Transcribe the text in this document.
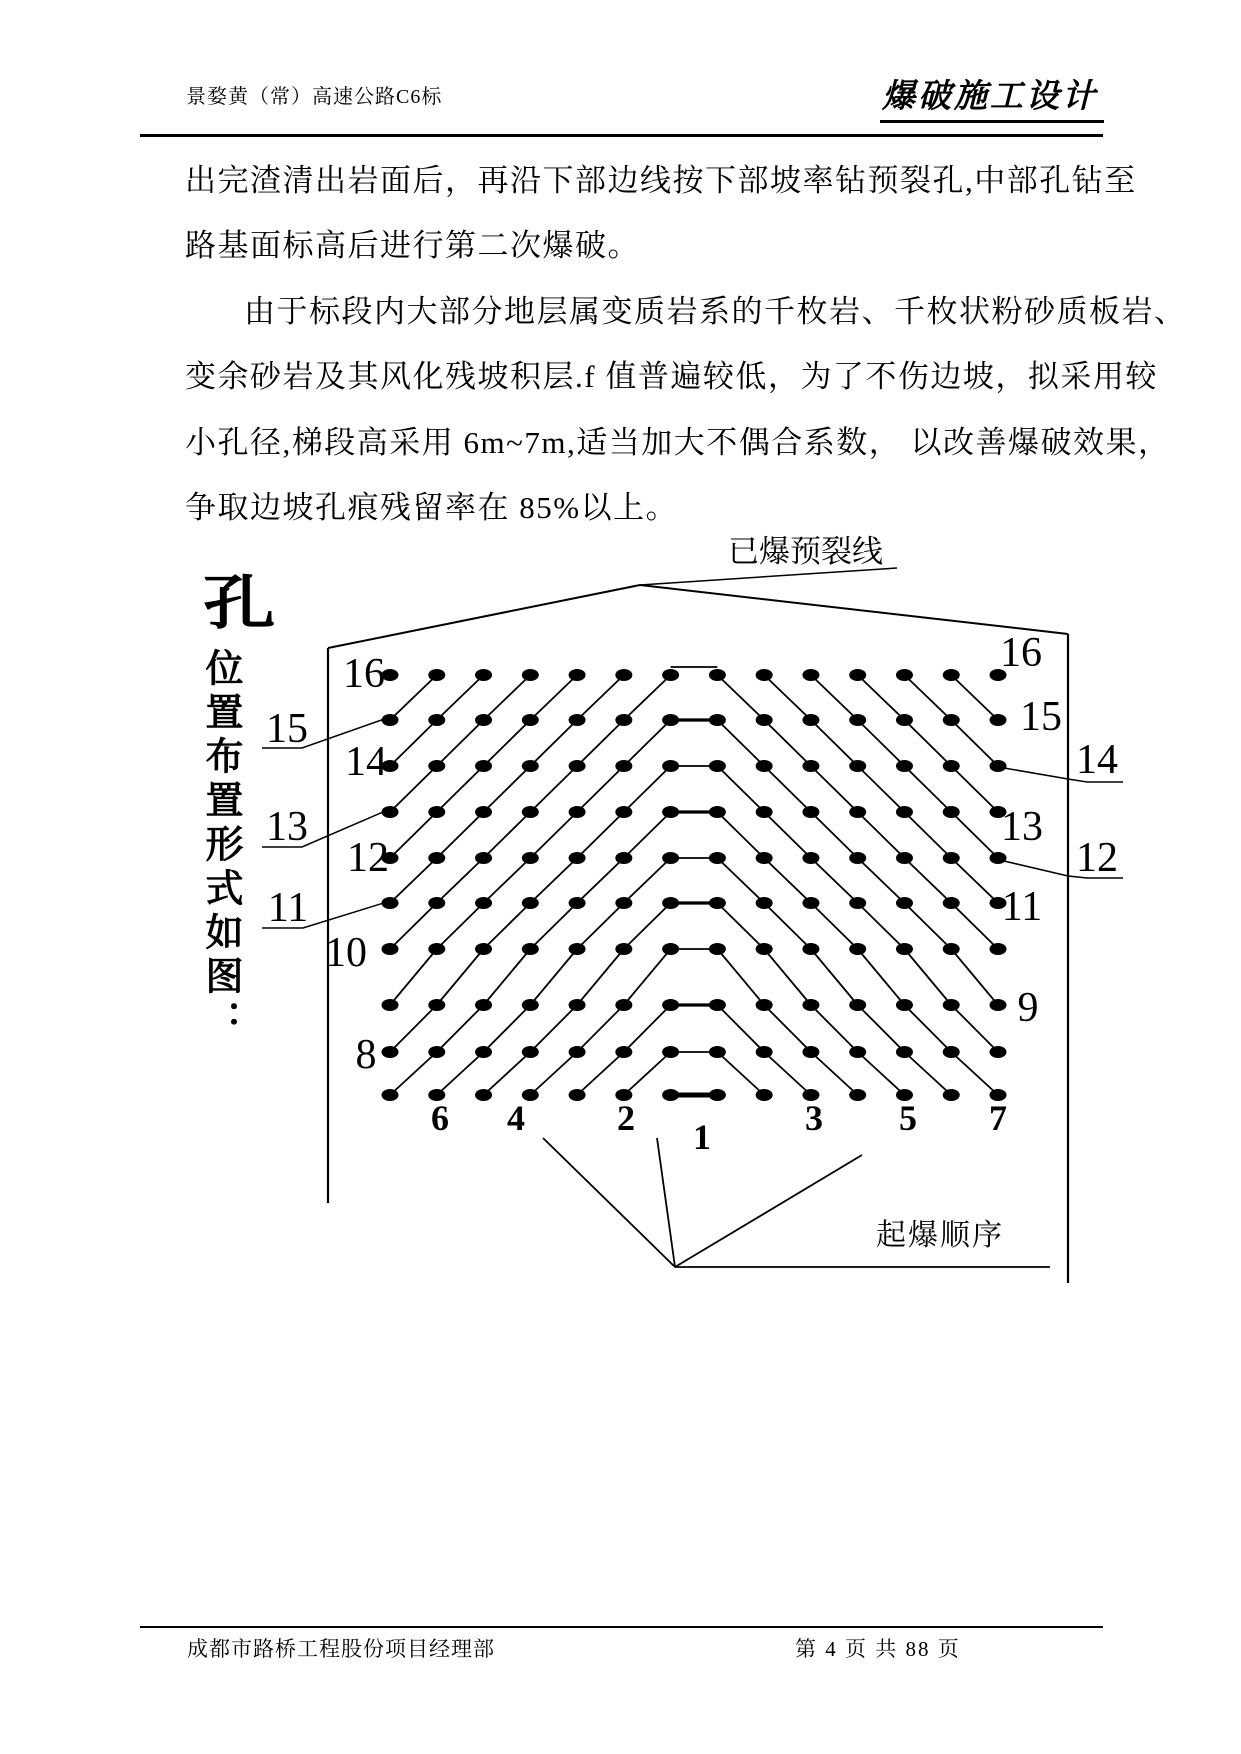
景婺黄（常）高速公路C6标	爆破施工设计
出完渣清出岩面后，再沿下部边线按下部坡率钻预裂孔,中部孔钻至
路基面标高后进行第二次爆破。
由于标段内大部分地层属变质岩系的千枚岩、千枚状粉砂质板岩、
变余砂岩及其风化残坡积层.f 值普遍较低，为了不伤边坡，拟采用较
小孔径,梯段高采用 6m~7m,适当加大不偶合系数， 以改善爆破效果，
争取边坡孔痕残留率在 85%以上。
孔
位置布置形式如图：
已爆预裂线
起爆顺序
16
14
12
10
8
16
15
13
11
9
15
13
11
14
12
6 4	2 1	3 5 7
成都市路桥工程股份项目经理部	第 4 页 共 88 页
